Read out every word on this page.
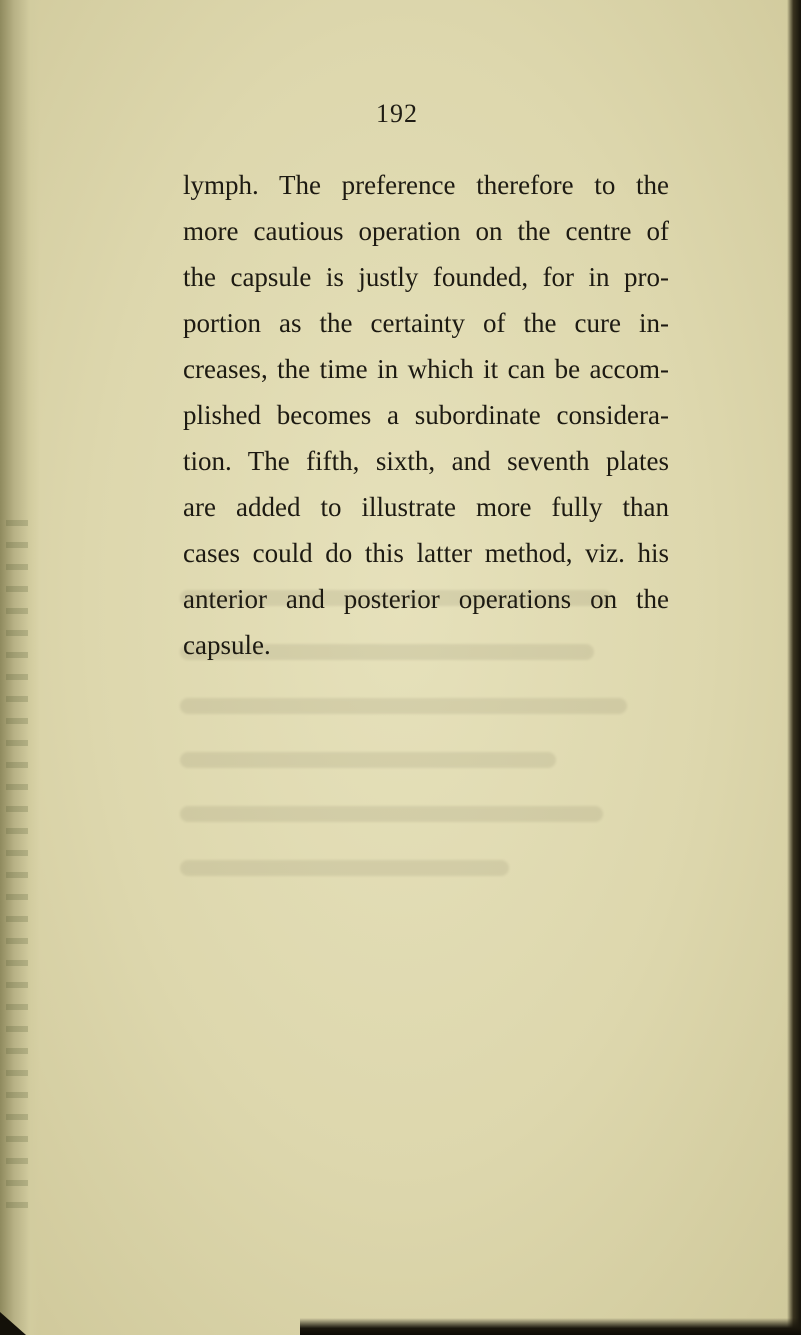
192
lymph. The preference therefore to the
more cautious operation on the centre of
the capsule is justly founded, for in pro-
portion as the certainty of the cure in-
creases, the time in which it can be accom-
plished becomes a subordinate considera-
tion. The fifth, sixth, and seventh plates
are added to illustrate more fully than
cases could do this latter method, viz. his
anterior and posterior operations on the
capsule.
